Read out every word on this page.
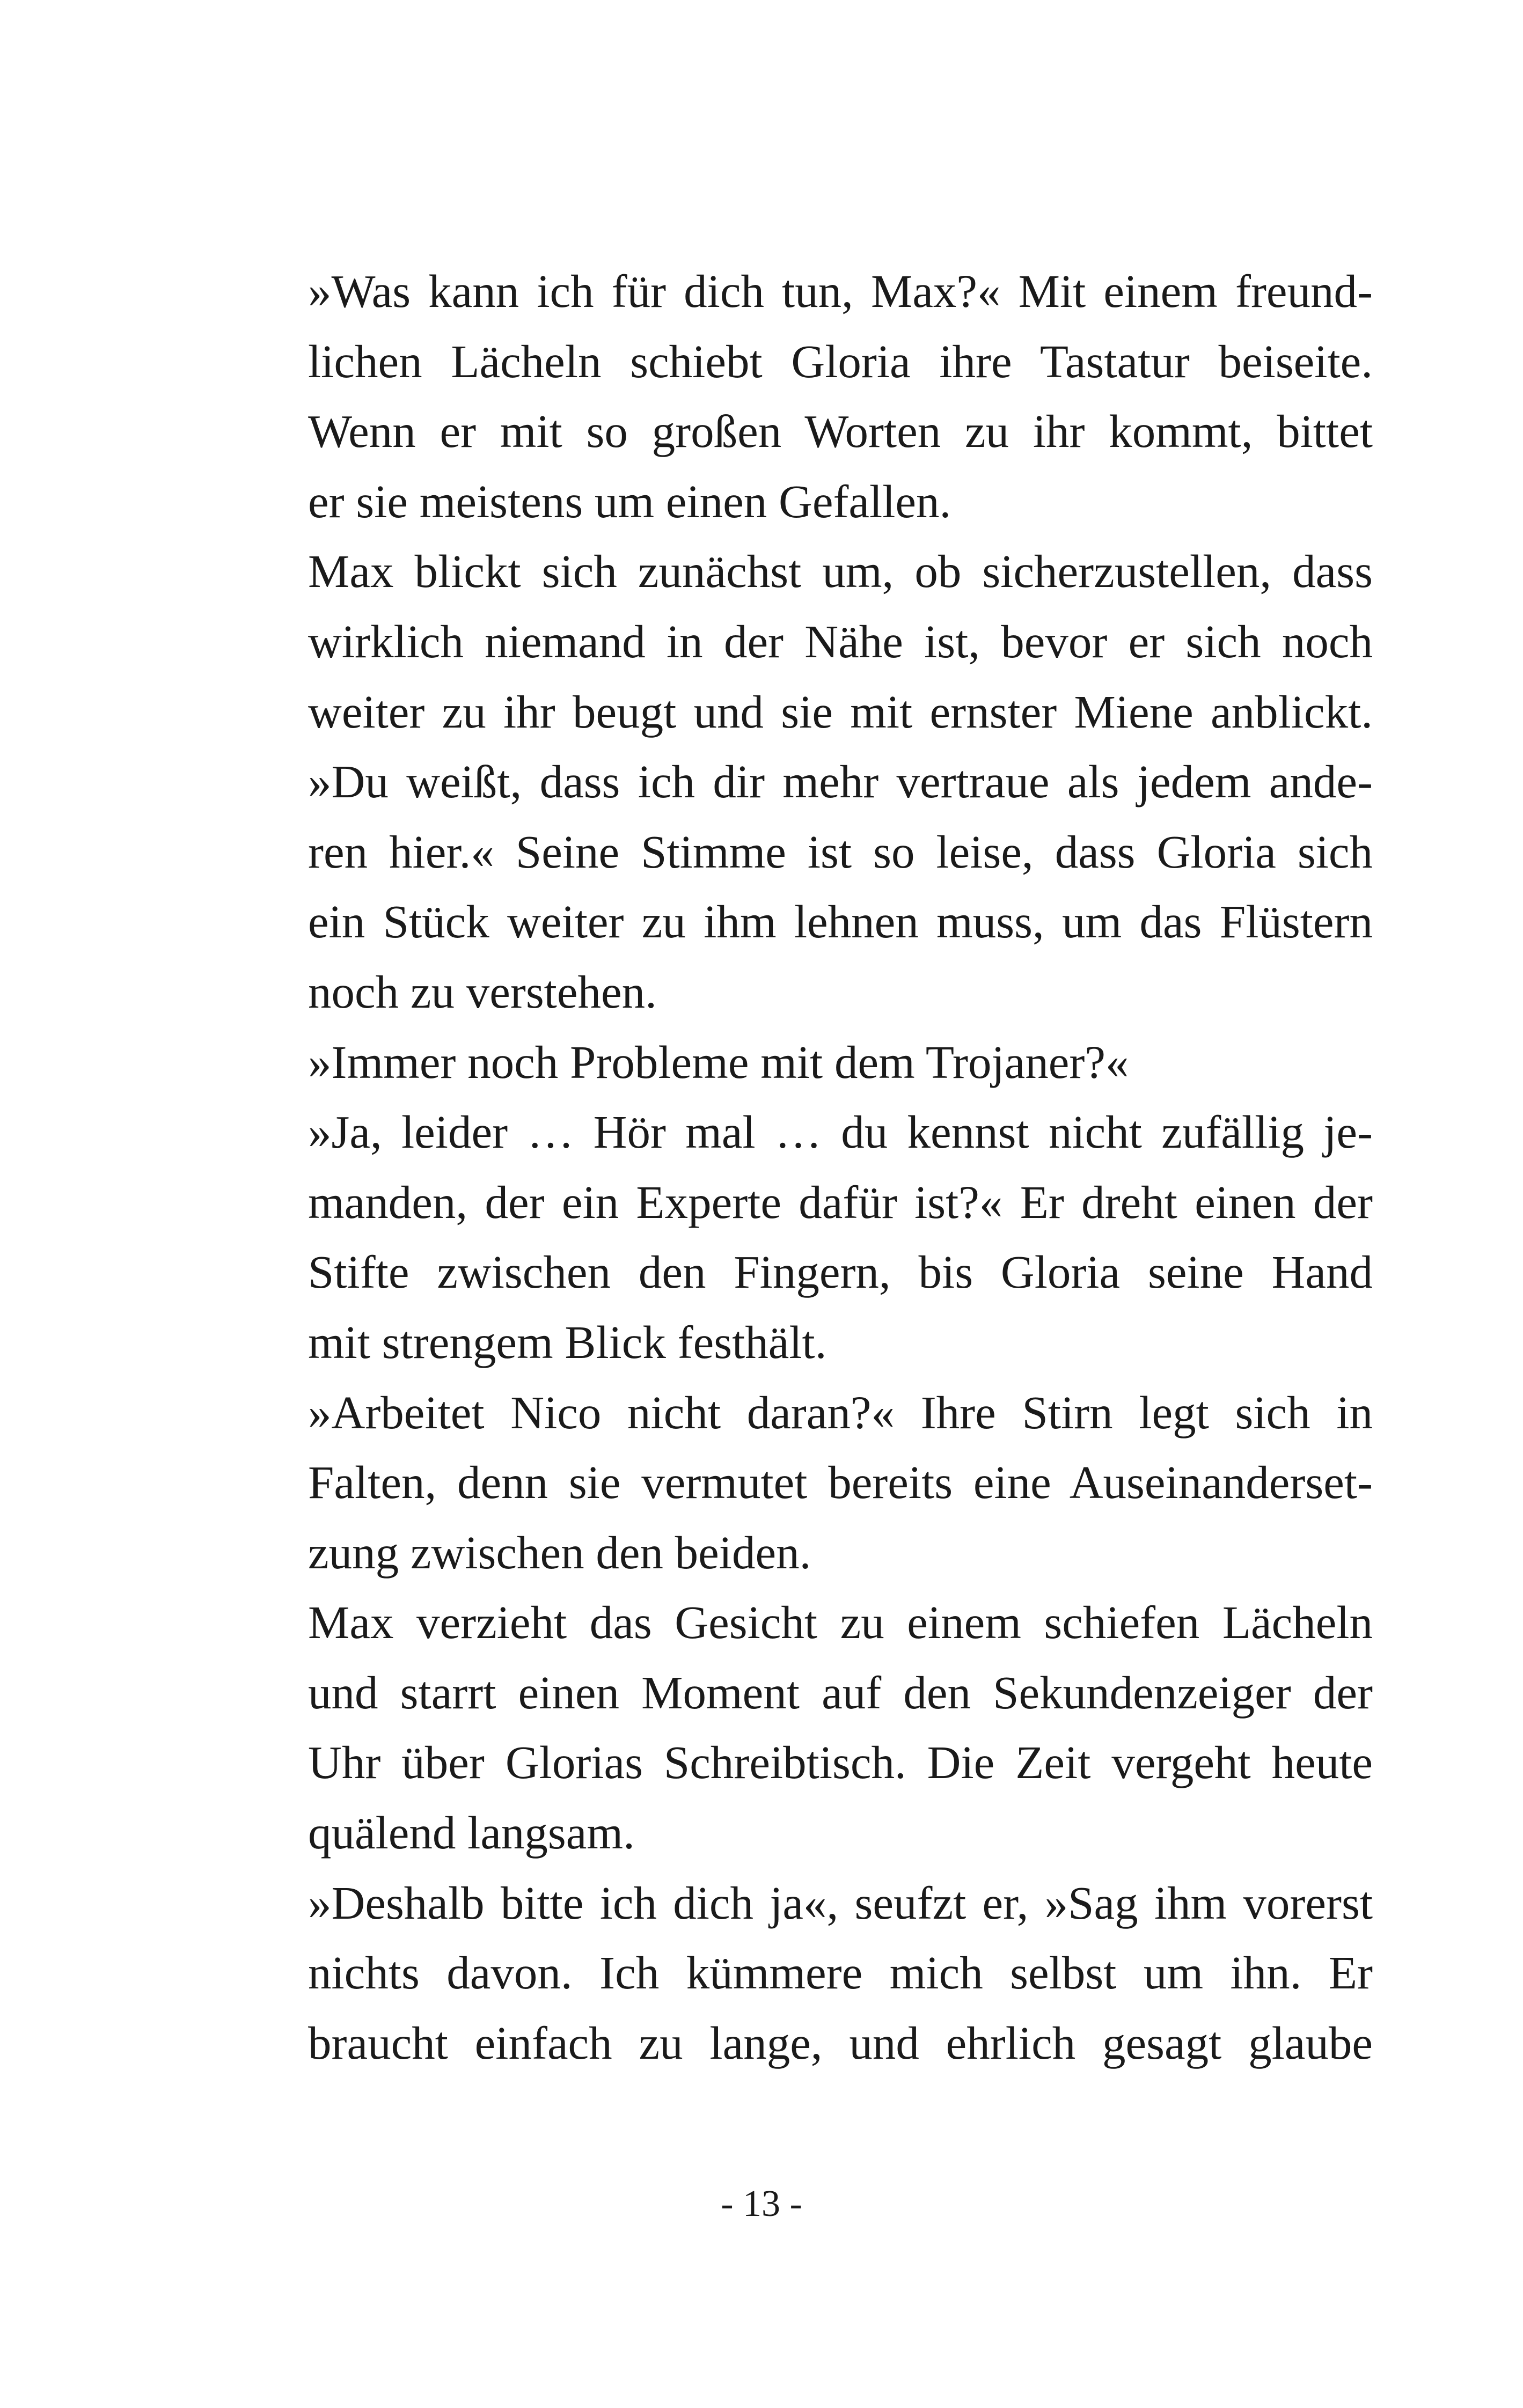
»Was kann ich für dich tun, Max?« Mit einem freund-
lichen Lächeln schiebt Gloria ihre Tastatur beiseite.
Wenn er mit so großen Worten zu ihr kommt, bittet
er sie meistens um einen Gefallen.

Max blickt sich zunächst um, ob sicherzustellen, dass
wirklich niemand in der Nähe ist, bevor er sich noch
weiter zu ihr beugt und sie mit ernster Miene anblickt.
»Du weißt, dass ich dir mehr vertraue als jedem ande-
ren hier.« Seine Stimme ist so leise, dass Gloria sich
ein Stück weiter zu ihm lehnen muss, um das Flüstern
noch zu verstehen.

»Immer noch Probleme mit dem Trojaner?«

»Ja, leider … Hör mal … du kennst nicht zufällig je-
manden, der ein Experte dafür ist?« Er dreht einen der
Stifte zwischen den Fingern, bis Gloria seine Hand
mit strengem Blick festhält.

»Arbeitet Nico nicht daran?« Ihre Stirn legt sich in
Falten, denn sie vermutet bereits eine Auseinanderset-
zung zwischen den beiden.

Max verzieht das Gesicht zu einem schiefen Lächeln
und starrt einen Moment auf den Sekundenzeiger der
Uhr über Glorias Schreibtisch. Die Zeit vergeht heute
quälend langsam.

»Deshalb bitte ich dich ja«, seufzt er, »Sag ihm vorerst
nichts davon. Ich kümmere mich selbst um ihn. Er
braucht einfach zu lange, und ehrlich gesagt glaube

- 13 -
